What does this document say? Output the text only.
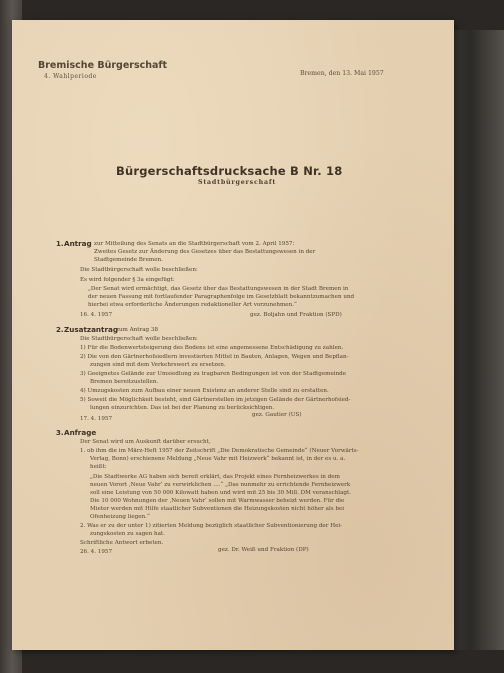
Bremische Bürgerschaft
4. Wahlperiode	Bremen, den 13. Mai 1957
Bürgerschaftsdrucksache B Nr. 18
Stadtbürgerschaft
1. Antrag zur Mitteilung des Senats an die Stadtbürgerschaft vom 2. April 1957:
Zweites Gesetz zur Änderung des Gesetzes über das Bestattungswesen in der
Stadtgemeinde Bremen.
Die Stadtbürgerschaft wolle beschließen:
Es wird folgender § 3a eingefügt:
„Der Senat wird ermächtigt, das Gesetz über das Bestattungswesen in der Stadt Bremen in
der neuen Fassung mit fortlaufender Paragraphenfolge im Gesetzblatt bekanntzumachen und
hierbei etwa erforderliche Änderungen redaktioneller Art vorzunehmen.“
16. 4. 1957	gez. Boljahn und Fraktion (SPD)
2. Zusatzantrag
zum Antrag 38
Die Stadtbürgerschaft wolle beschließen:
1) Für die Bodenwertsteigerung des Bodens ist eine angemessene Entschädigung zu zahlen.
2) Die von den Gärtnerhofsiedlern investierten Mittel in Bauten, Anlagen, Wegen und Bepflan-
zungen sind mit dem Verkehrswert zu ersetzen.
3) Geeignetes Gelände zur Umsiedlung zu tragbaren Bedingungen ist von der Stadtgemeinde
Bremen bereitzustellen.
4) Umzugskosten zum Aufbau einer neuen Existenz an anderer Stelle sind zu erstatten.
5) Soweit die Möglichkeit besteht, sind Gärtnerstellen im jetzigen Gelände der Gärtnerhofsied-
lungen einzurichten. Das ist bei der Planung zu berücksichtigen.
gez. Gautier (US)
17. 4. 1957
3. Anfrage
Der Senat wird um Auskunft darüber ersucht,
1. ob ihm die im März-Heft 1957 der Zeitschrift „Die Demokratische Gemeinde“ (Neuer Vorwärts-
Verlag, Bonn) erschienene Meldung „Neue Vahr mit Heizwerk“ bekannt ist, in der es u. a.
heißt:
„Die Stadtwerke AG haben sich bereit erklärt, das Projekt eines Fernheizwerkes in dem
neuen Vorort ‚Neue Vahr‘ zu verwirklichen ....“ „Das nunmehr zu errichtende Fernheizwerk
soll eine Leistung von 50 000 Kilowatt haben und wird mit 25 bis 30 Mill. DM veranschlagt.
Die 10 000 Wohnungen der ‚Neuen Vahr‘ sollen mit Warmwasser beheizt werden. Für die
Mieter werden mit Hilfe staatlicher Subventionen die Heizungskosten nicht höher als bei
Ofenheizung liegen.“
2. Was er zu der unter 1) zitierten Meldung bezüglich staatlicher Subventionierung der Hei-
zungskosten zu sagen hat.
Schriftliche Antwort erbeten.
gez. Dr. Weiß und Fraktion (DP)
26. 4. 1957
